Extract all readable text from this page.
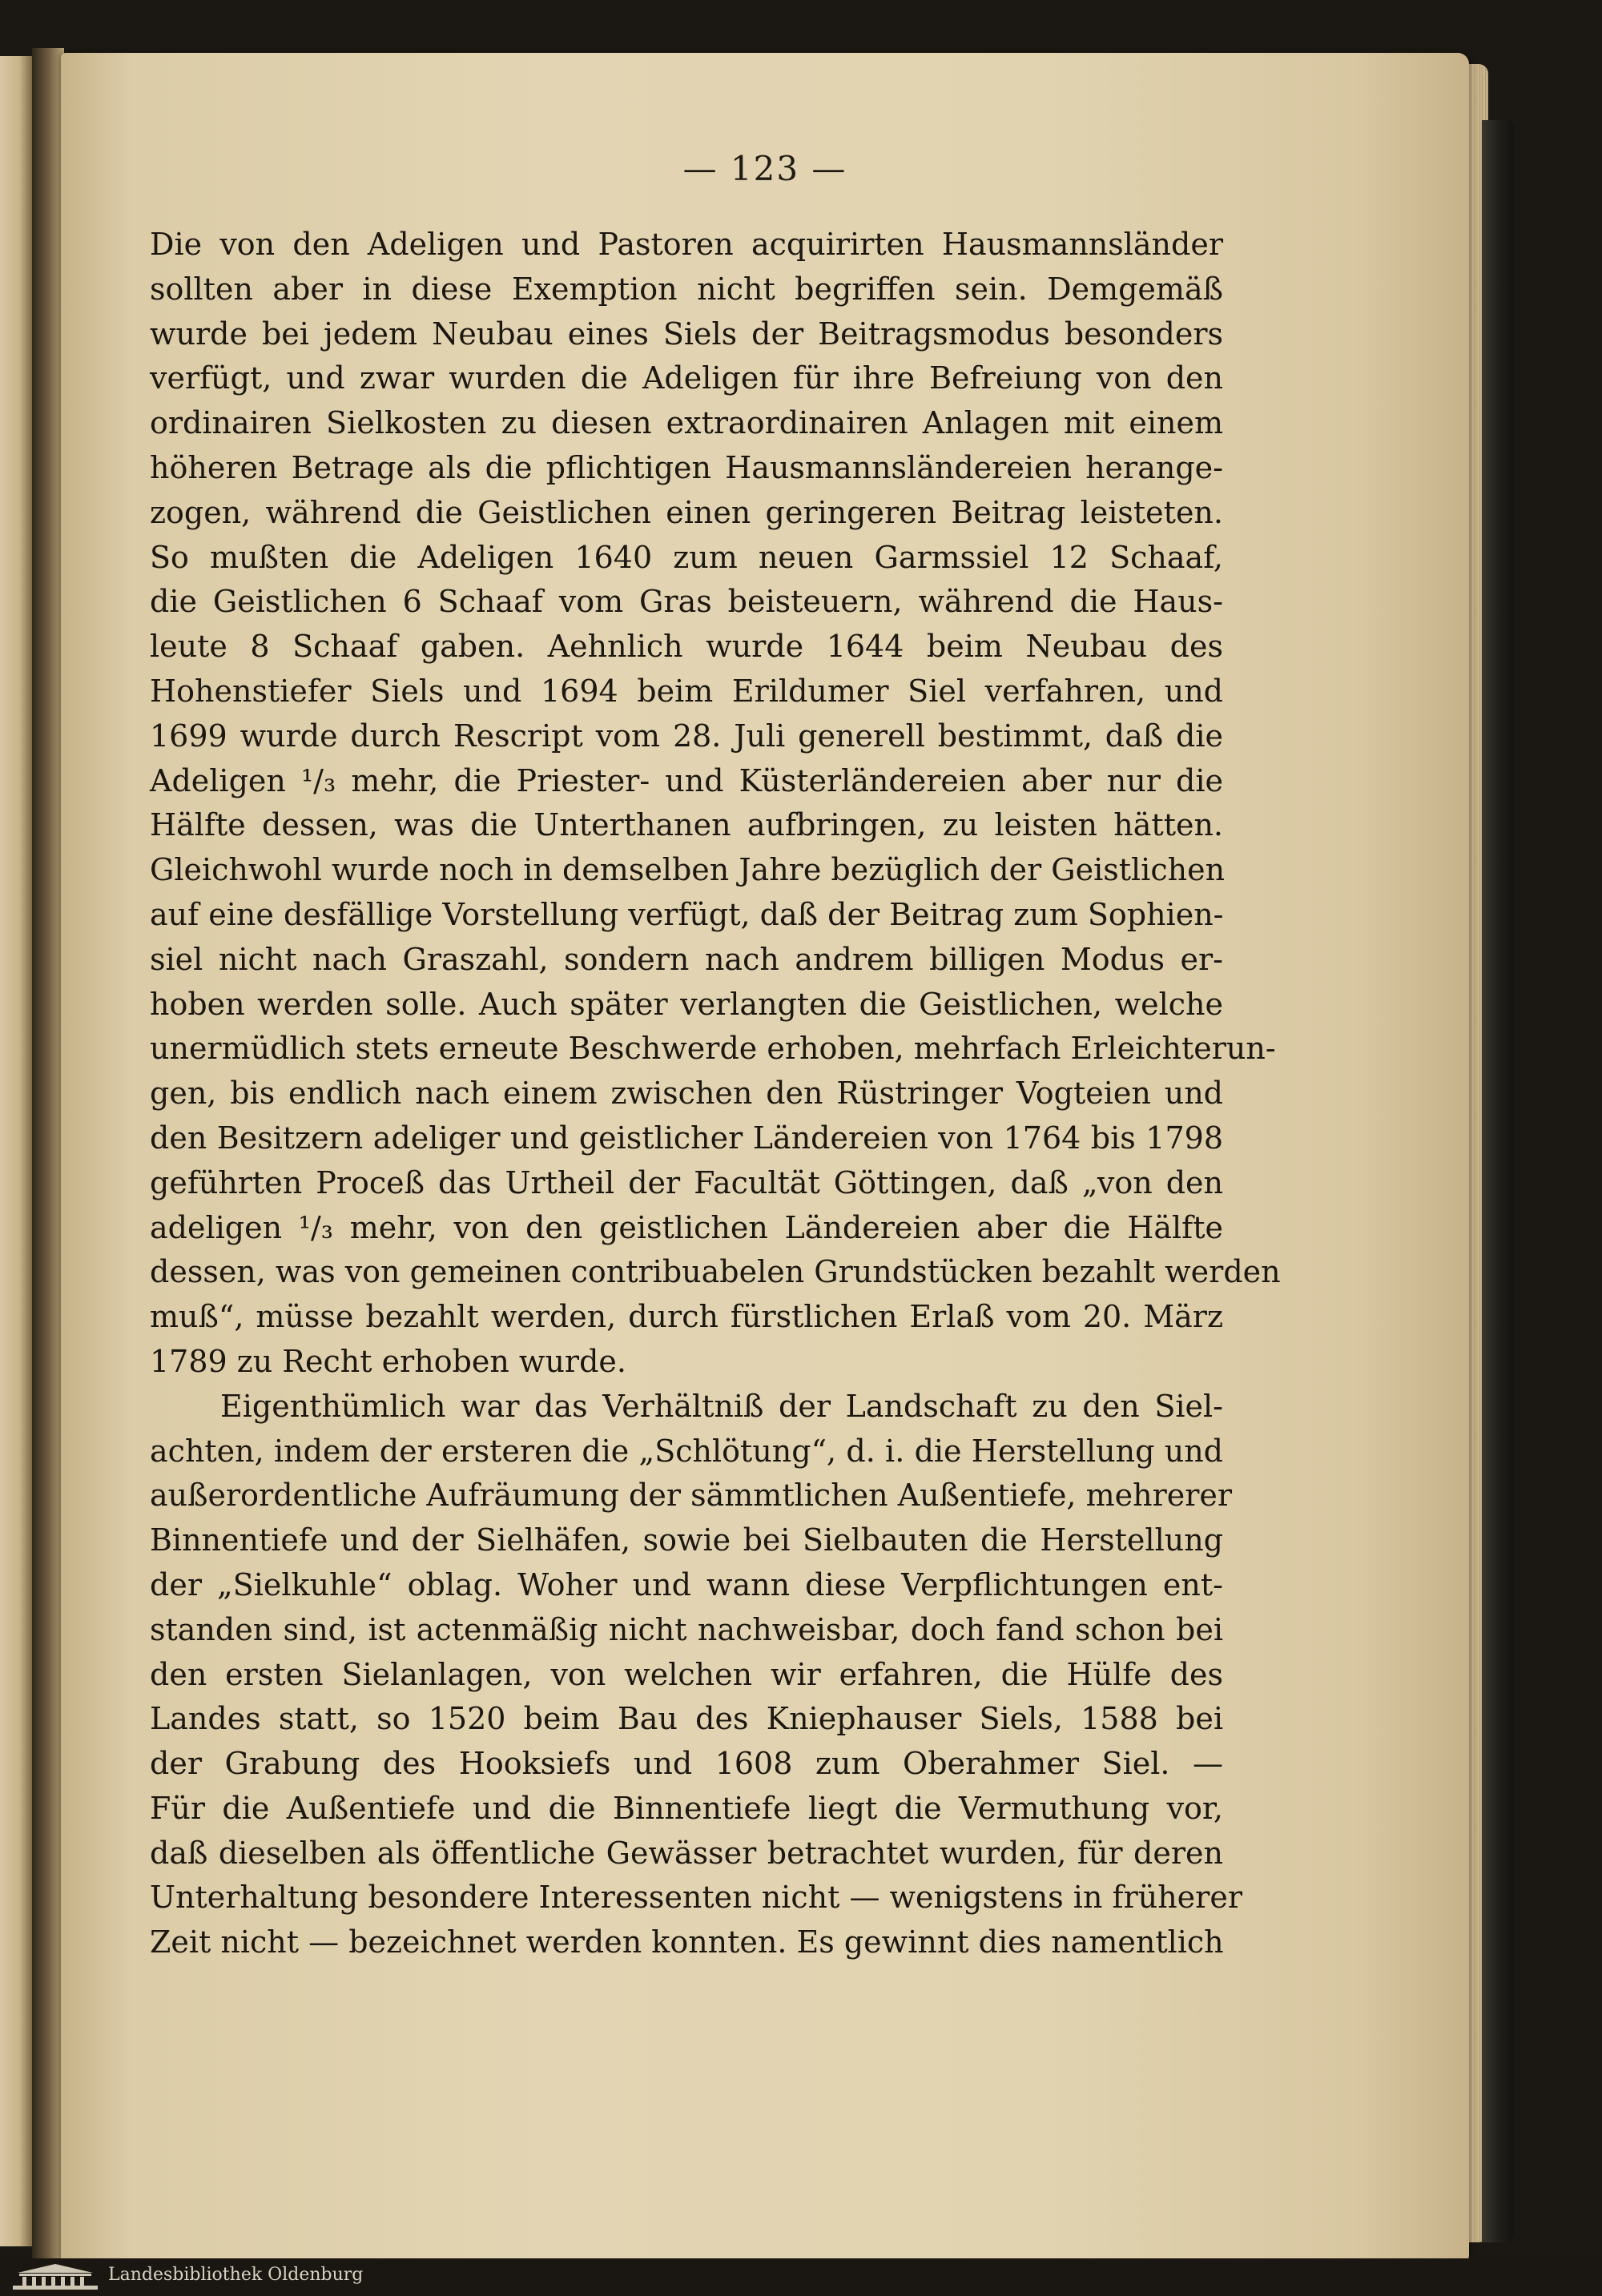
— 123 —
Die von den Adeligen und Pastoren acquirirten Hausmannsländer
sollten aber in diese Exemption nicht begriffen sein. Demgemäß
wurde bei jedem Neubau eines Siels der Beitragsmodus besonders
verfügt, und zwar wurden die Adeligen für ihre Befreiung von den
ordinairen Sielkosten zu diesen extraordinairen Anlagen mit einem
höheren Betrage als die pflichtigen Hausmannsländereien herange-
zogen, während die Geistlichen einen geringeren Beitrag leisteten.
So mußten die Adeligen 1640 zum neuen Garmssiel 12 Schaaf,
die Geistlichen 6 Schaaf vom Gras beisteuern, während die Haus-
leute 8 Schaaf gaben. Aehnlich wurde 1644 beim Neubau des
Hohenstiefer Siels und 1694 beim Erildumer Siel verfahren, und
1699 wurde durch Rescript vom 28. Juli generell bestimmt, daß die
Adeligen ¹/₃ mehr, die Priester- und Küsterländereien aber nur die
Hälfte dessen, was die Unterthanen aufbringen, zu leisten hätten.
Gleichwohl wurde noch in demselben Jahre bezüglich der Geistlichen
auf eine desfällige Vorstellung verfügt, daß der Beitrag zum Sophien-
siel nicht nach Graszahl, sondern nach andrem billigen Modus er-
hoben werden solle. Auch später verlangten die Geistlichen, welche
unermüdlich stets erneute Beschwerde erhoben, mehrfach Erleichterun-
gen, bis endlich nach einem zwischen den Rüstringer Vogteien und
den Besitzern adeliger und geistlicher Ländereien von 1764 bis 1798
geführten Proceß das Urtheil der Facultät Göttingen, daß „von den
adeligen ¹/₃ mehr, von den geistlichen Ländereien aber die Hälfte
dessen, was von gemeinen contribuabelen Grundstücken bezahlt werden
muß“, müsse bezahlt werden, durch fürstlichen Erlaß vom 20. März
1789 zu Recht erhoben wurde.
Eigenthümlich war das Verhältniß der Landschaft zu den Siel-
achten, indem der ersteren die „Schlötung“, d. i. die Herstellung und
außerordentliche Aufräumung der sämmtlichen Außentiefe, mehrerer
Binnentiefe und der Sielhäfen, sowie bei Sielbauten die Herstellung
der „Sielkuhle“ oblag. Woher und wann diese Verpflichtungen ent-
standen sind, ist actenmäßig nicht nachweisbar, doch fand schon bei
den ersten Sielanlagen, von welchen wir erfahren, die Hülfe des
Landes statt, so 1520 beim Bau des Kniephauser Siels, 1588 bei
der Grabung des Hooksiefs und 1608 zum Oberahmer Siel. —
Für die Außentiefe und die Binnentiefe liegt die Vermuthung vor,
daß dieselben als öffentliche Gewässer betrachtet wurden, für deren
Unterhaltung besondere Interessenten nicht — wenigstens in früherer
Zeit nicht — bezeichnet werden konnten. Es gewinnt dies namentlich
Landesbibliothek Oldenburg
